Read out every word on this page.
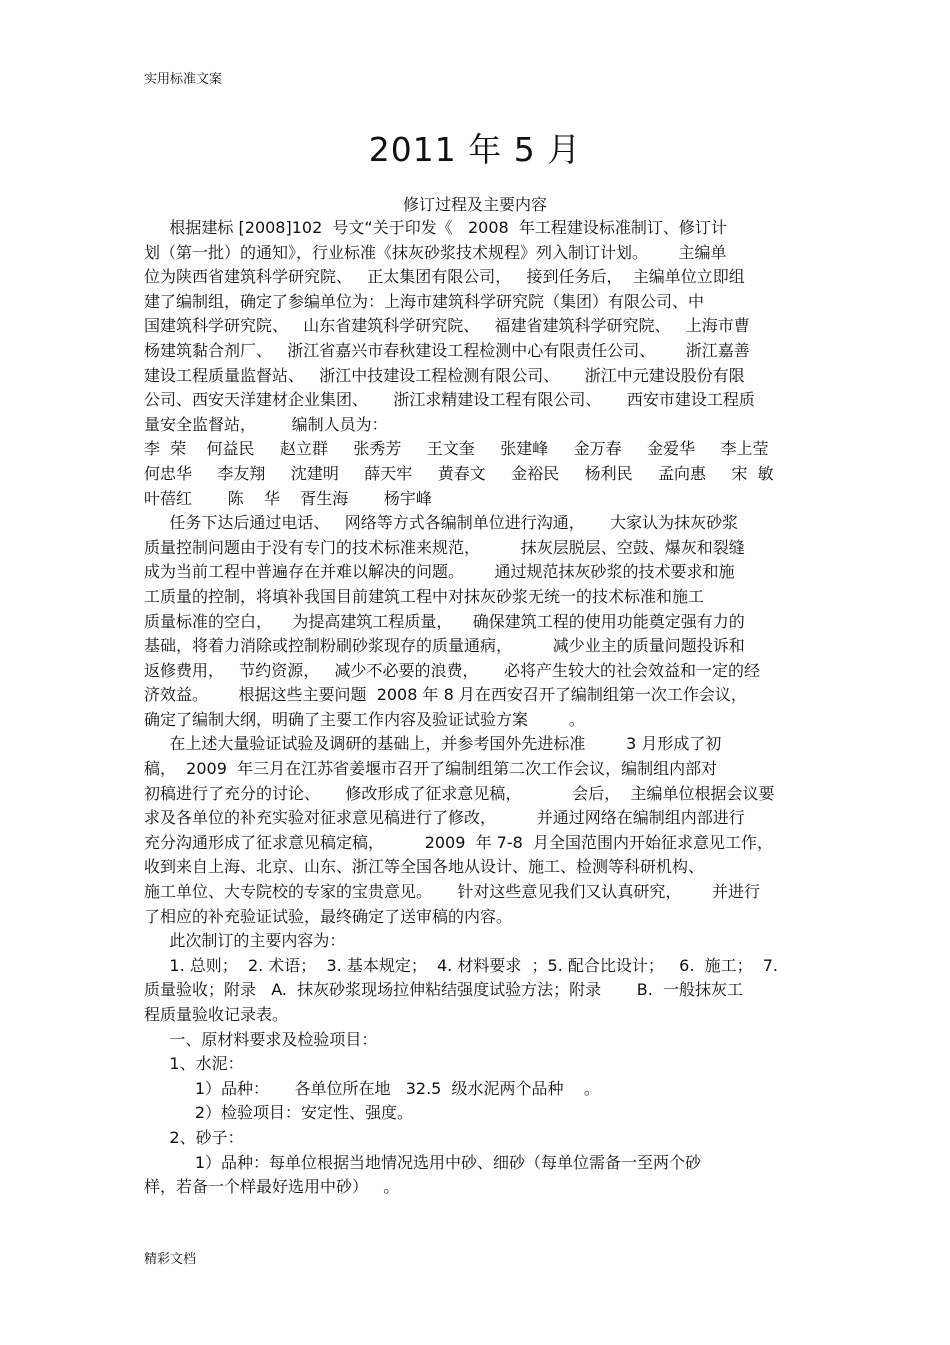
实用标准文案
2011 年 5 月
修订过程及主要内容
根据建标 [2008]102  号文“关于印发《   2008  年工程建设标准制订、修订计
划（第一批）的通知》，行业标准《抹灰砂浆技术规程》列入制订计划。      主编单
位为陕西省建筑科学研究院、   正太集团有限公司，   接到任务后，  主编单位立即组
建了编制组，确定了参编单位为：上海市建筑科学研究院（集团）有限公司、中
国建筑科学研究院、   山东省建筑科学研究院、   福建省建筑科学研究院、   上海市曹
杨建筑黏合剂厂、   浙江省嘉兴市春秋建设工程检测中心有限责任公司、      浙江嘉善
建设工程质量监督站、   浙江中技建设工程检测有限公司、     浙江中元建设股份有限
公司、西安天洋建材企业集团、     浙江求精建设工程有限公司、     西安市建设工程质
量安全监督站，       编制人员为：
李  荣    何益民     赵立群     张秀芳     王文奎     张建峰     金万春     金爱华     李上莹
何忠华     李友翔     沈建明     薛天牢     黄春文     金裕民     杨利民     孟向惠     宋  敏
叶蓓红       陈    华    胥生海       杨宇峰
任务下达后通过电话、   网络等方式各编制单位进行沟通，     大家认为抹灰砂浆
质量控制问题由于没有专门的技术标准来规范，        抹灰层脱层、空鼓、爆灰和裂缝
成为当前工程中普遍存在并难以解决的问题。      通过规范抹灰砂浆的技术要求和施
工质量的控制，将填补我国目前建筑工程中对抹灰砂浆无统一的技术标准和施工
质量标准的空白，    为提高建筑工程质量，    确保建筑工程的使用功能奠定强有力的
基础，将着力消除或控制粉刷砂浆现存的质量通病，        减少业主的质量问题投诉和
返修费用，   节约资源，   减少不必要的浪费，     必将产生较大的社会效益和一定的经
济效益。      根据这些主要问题  2008 年 8 月在西安召开了编制组第一次工作会议，
确定了编制大纲，明确了主要工作内容及验证试验方案        。
在上述大量验证试验及调研的基础上，并参考国外先进标准        3 月形成了初
稿，  2009  年三月在江苏省姜堰市召开了编制组第二次工作会议，编制组内部对
初稿进行了充分的讨论、     修改形成了征求意见稿，          会后，  主编单位根据会议要
求及各单位的补充实验对征求意见稿进行了修改，        并通过网络在编制组内部进行
充分沟通形成了征求意见稿定稿，        2009  年 7-8  月全国范围内开始征求意见工作，
收到来自上海、北京、山东、浙江等全国各地从设计、施工、检测等科研机构、
施工单位、大专院校的专家的宝贵意见。     针对这些意见我们又认真研究，      并进行
了相应的补充验证试验，最终确定了送审稿的内容。
此次制订的主要内容为：
1. 总则；  2. 术语；  3. 基本规定；  4. 材料要求  ；5. 配合比设计；   6.  施工；  7.
质量验收；附录   A.  抹灰砂浆现场拉伸粘结强度试验方法；附录       B.  一般抹灰工
程质量验收记录表。
一、原材料要求及检验项目：
1、水泥：
1）品种：     各单位所在地   32.5  级水泥两个品种    。
2）检验项目：安定性、强度。
2、砂子：
1）品种：每单位根据当地情况选用中砂、细砂（每单位需备一至两个砂
样，若备一个样最好选用中砂）   。
精彩文档
